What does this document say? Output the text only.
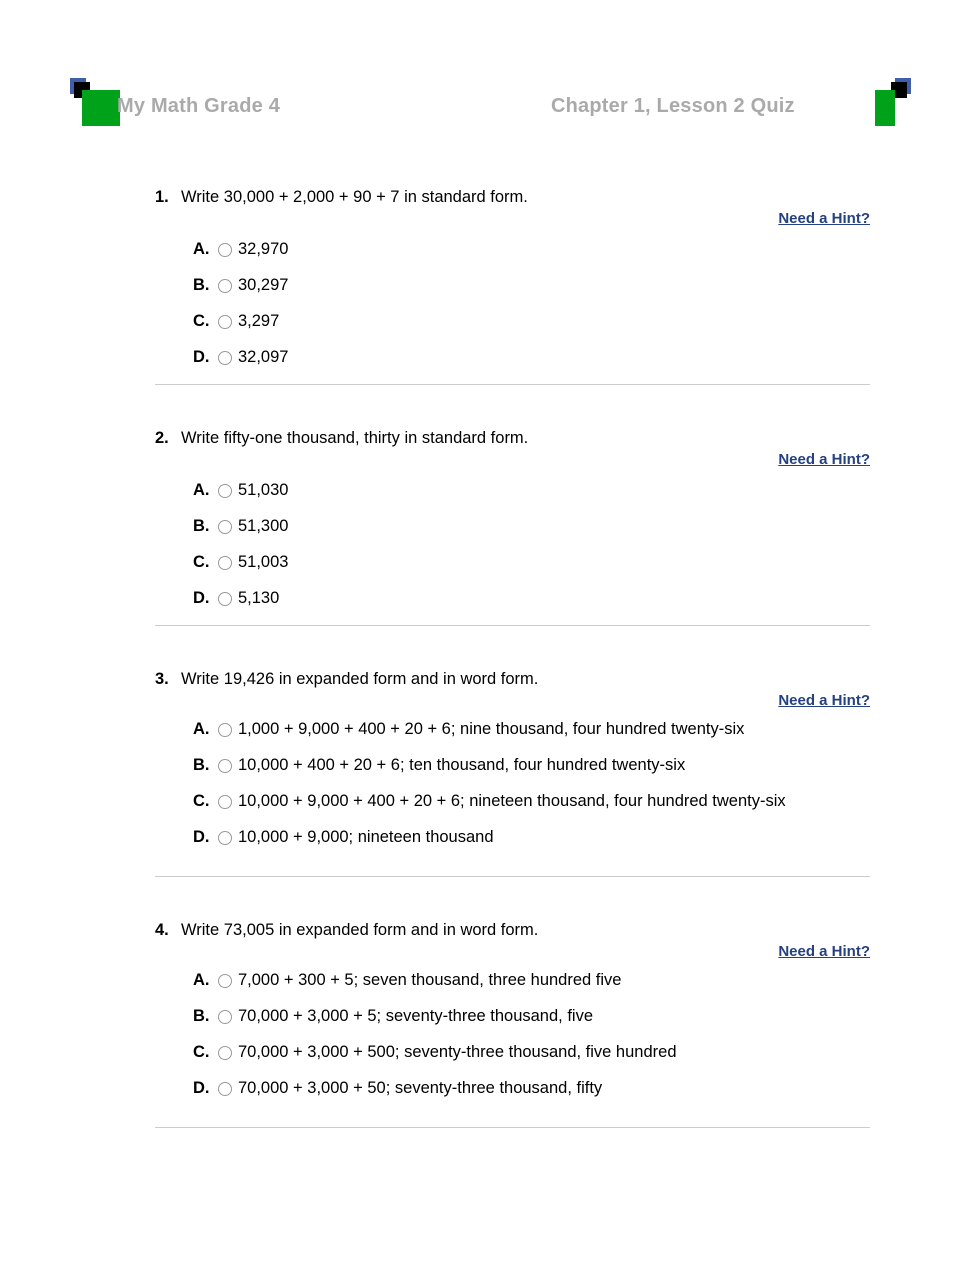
My Math Grade 4	Chapter 1, Lesson 2 Quiz
1. Write 30,000 + 2,000 + 90 + 7 in standard form.
Need a Hint?
A.	32,970
B.	30,297
C.	3,297
D.	32,097
2. Write fifty-one thousand, thirty in standard form.
Need a Hint?
A.	51,030
B.	51,300
C.	51,003
D.	5,130
3. Write 19,426 in expanded form and in word form.
Need a Hint?
A.	1,000 + 9,000 + 400 + 20 + 6; nine thousand, four hundred twenty-six
B.	10,000 + 400 + 20 + 6; ten thousand, four hundred twenty-six
C.	10,000 + 9,000 + 400 + 20 + 6; nineteen thousand, four hundred twenty-six
D.	10,000 + 9,000; nineteen thousand
4. Write 73,005 in expanded form and in word form.
Need a Hint?
A.	7,000 + 300 + 5; seven thousand, three hundred five
B.	70,000 + 3,000 + 5; seventy-three thousand, five
C.	70,000 + 3,000 + 500; seventy-three thousand, five hundred
D.	70,000 + 3,000 + 50; seventy-three thousand, fifty
